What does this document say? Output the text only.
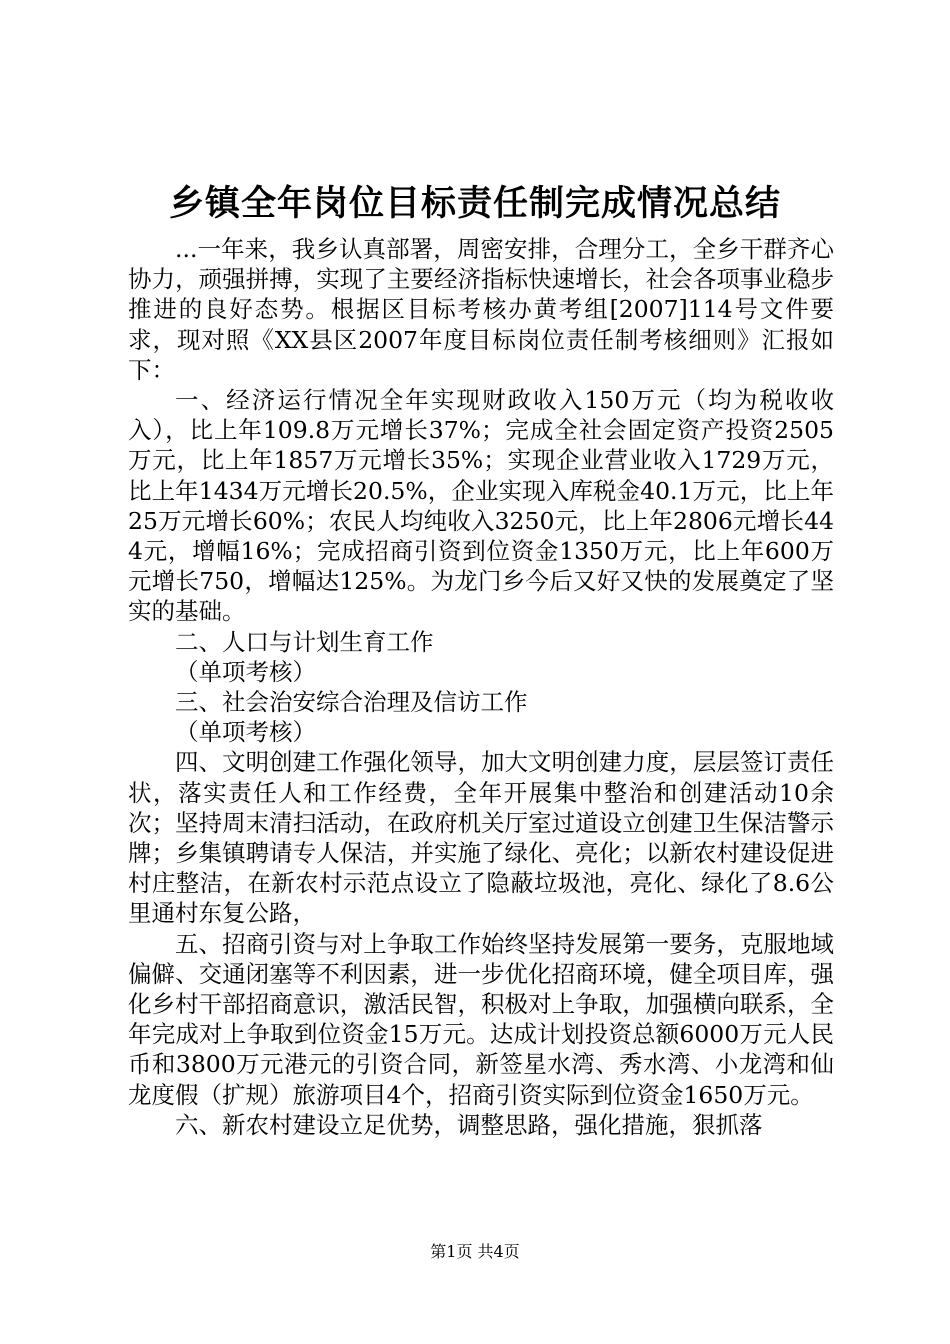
乡镇全年岗位目标责任制完成情况总结

...一年来，我乡认真部署，周密安排，合理分工，全乡干群齐心协力，顽强拼搏，实现了主要经济指标快速增长，社会各项事业稳步推进的良好态势。根据区目标考核办黄考组[2007]114号文件要求，现对照《XX县区2007年度目标岗位责任制考核细则》汇报如下：

一、经济运行情况全年实现财政收入150万元（均为税收收入），比上年109.8万元增长37%；完成全社会固定资产投资2505万元，比上年1857万元增长35%；实现企业营业收入1729万元，比上年1434万元增长20.5%，企业实现入库税金40.1万元，比上年25万元增长60%；农民人均纯收入3250元，比上年2806元增长444元，增幅16%；完成招商引资到位资金1350万元，比上年600万元增长750，增幅达125%。为龙门乡今后又好又快的发展奠定了坚实的基础。

二、人口与计划生育工作

（单项考核）

三、社会治安综合治理及信访工作

（单项考核）

四、文明创建工作强化领导，加大文明创建力度，层层签订责任状，落实责任人和工作经费，全年开展集中整治和创建活动10余次；坚持周末清扫活动，在政府机关厅室过道设立创建卫生保洁警示牌；乡集镇聘请专人保洁，并实施了绿化、亮化；以新农村建设促进村庄整洁，在新农村示范点设立了隐蔽垃圾池，亮化、绿化了8.6公里通村东复公路，

五、招商引资与对上争取工作始终坚持发展第一要务，克服地域偏僻、交通闭塞等不利因素，进一步优化招商环境，健全项目库，强化乡村干部招商意识，激活民智，积极对上争取，加强横向联系，全年完成对上争取到位资金15万元。达成计划投资总额6000万元人民币和3800万元港元的引资合同，新签星水湾、秀水湾、小龙湾和仙龙度假（扩规）旅游项目4个，招商引资实际到位资金1650万元。

六、新农村建设立足优势，调整思路，强化措施，狠抓落

第1页 共4页
